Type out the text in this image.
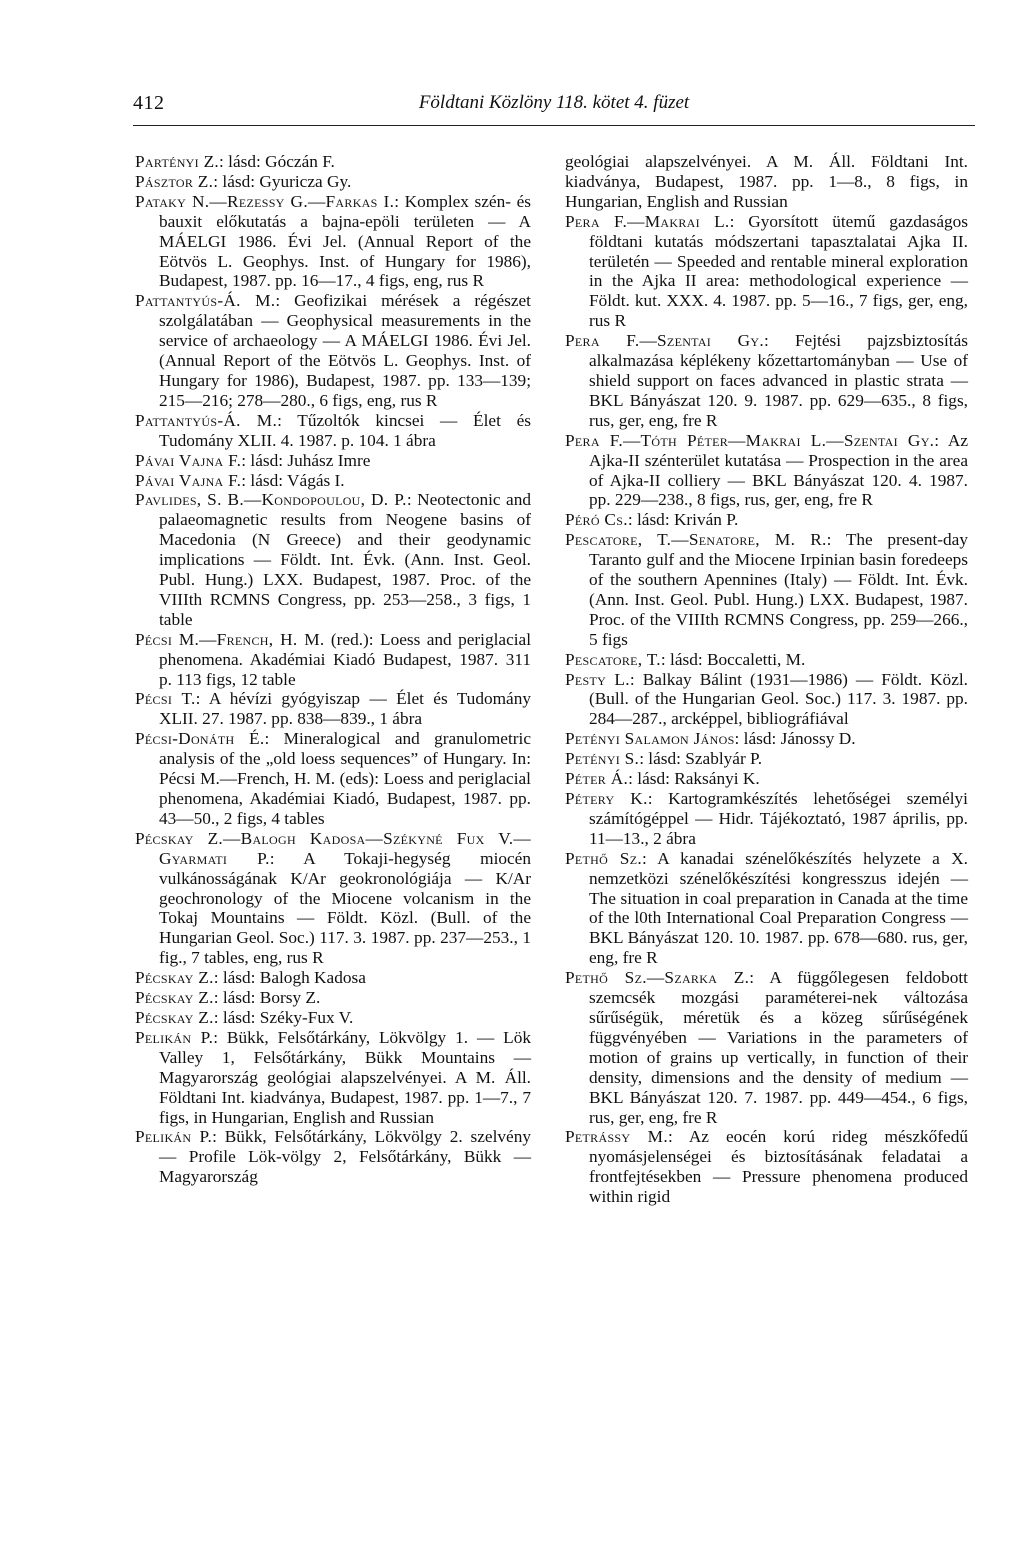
412	Földtani Közlöny 118. kötet 4. füzet

Partényi Z.: lásd: Góczán F.

Pásztor Z.: lásd: Gyuricza Gy.

Pataky N.—Rezessy G.—Farkas I.: Komplex szén- és bauxit előkutatás a bajna-epöli területen — A MÁELGI 1986. Évi Jel. (Annual Report of the Eötvös L. Geophys. Inst. of Hungary for 1986), Budapest, 1987. pp. 16—17., 4 figs, eng, rus R

Pattantyús-Á. M.: Geofizikai mérések a régészet szolgálatában — Geophysical measurements in the service of archaeology — A MÁELGI 1986. Évi Jel. (Annual Report of the Eötvös L. Geophys. Inst. of Hungary for 1986), Budapest, 1987. pp. 133—139; 215—216; 278—280., 6 figs, eng, rus R

Pattantyús-Á. M.: Tűzoltók kincsei — Élet és Tudomány XLII. 4. 1987. p. 104. 1 ábra

Pávai Vajna F.: lásd: Juhász Imre

Pávai Vajna F.: lásd: Vágás I.

Pavlides, S. B.—Kondopoulou, D. P.: Neotectonic and palaeomagnetic results from Neogene basins of Macedonia (N Greece) and their geodynamic implications — Földt. Int. Évk. (Ann. Inst. Geol. Publ. Hung.) LXX. Budapest, 1987. Proc. of the VIIIth RCMNS Congress, pp. 253—258., 3 figs, 1 table

Pécsi M.—French, H. M. (red.): Loess and periglacial phenomena. Akadémiai Kiadó Budapest, 1987. 311 p. 113 figs, 12 table

Pécsi T.: A hévízi gyógyiszap — Élet és Tudomány XLII. 27. 1987. pp. 838—839., 1 ábra

Pécsi-Donáth É.: Mineralogical and granulometric analysis of the „old loess sequences” of Hungary. In: Pécsi M.—French, H. M. (eds): Loess and periglacial phenomena, Akadémiai Kiadó, Budapest, 1987. pp. 43—50., 2 figs, 4 tables

Pécskay Z.—Balogh Kadosa—Székyné Fux V.—Gyarmati P.: A Tokaji-hegység miocén vulkánosságának K/Ar geokronológiája — K/Ar geochronology of the Miocene volcanism in the Tokaj Mountains — Földt. Közl. (Bull. of the Hungarian Geol. Soc.) 117. 3. 1987. pp. 237—253., 1 fig., 7 tables, eng, rus R

Pécskay Z.: lásd: Balogh Kadosa

Pécskay Z.: lásd: Borsy Z.

Pécskay Z.: lásd: Széky-Fux V.

Pelikán P.: Bükk, Felsőtárkány, Lökvölgy 1. — Lök Valley 1, Felsőtárkány, Bükk Mountains — Magyarország geológiai alapszelvényei. A M. Áll. Földtani Int. kiadványa, Budapest, 1987. pp. 1—7., 7 figs, in Hungarian, English and Russian

Pelikán P.: Bükk, Felsőtárkány, Lökvölgy 2. szelvény — Profile Lök-völgy 2, Felsőtárkány, Bükk — Magyarország

geológiai alapszelvényei. A M. Áll. Földtani Int. kiadványa, Budapest, 1987. pp. 1—8., 8 figs, in Hungarian, English and Russian

Pera F.—Makrai L.: Gyorsított ütemű gazdaságos földtani kutatás módszertani tapasztalatai Ajka II. területén — Speeded and rentable mineral exploration in the Ajka II area: methodological experience — Földt. kut. XXX. 4. 1987. pp. 5—16., 7 figs, ger, eng, rus R

Pera F.—Szentai Gy.: Fejtési pajzsbiztosítás alkalmazása képlékeny kőzettartományban — Use of shield support on faces advanced in plastic strata — BKL Bányászat 120. 9. 1987. pp. 629—635., 8 figs, rus, ger, eng, fre R

Pera F.—Tóth Péter—Makrai L.—Szentai Gy.: Az Ajka-II szénterület kutatása — Prospection in the area of Ajka-II colliery — BKL Bányászat 120. 4. 1987. pp. 229—238., 8 figs, rus, ger, eng, fre R

Péró Cs.: lásd: Kriván P.

Pescatore, T.—Senatore, M. R.: The present-day Taranto gulf and the Miocene Irpinian basin foredeeps of the southern Apennines (Italy) — Földt. Int. Évk. (Ann. Inst. Geol. Publ. Hung.) LXX. Budapest, 1987. Proc. of the VIIIth RCMNS Congress, pp. 259—266., 5 figs

Pescatore, T.: lásd: Boccaletti, M.

Pesty L.: Balkay Bálint (1931—1986) — Földt. Közl. (Bull. of the Hungarian Geol. Soc.) 117. 3. 1987. pp. 284—287., arcképpel, bibliográfiával

Petényi Salamon János: lásd: Jánossy D.

Petényi S.: lásd: Szablyár P.

Péter Á.: lásd: Raksányi K.

Pétery K.: Kartogramkészítés lehetőségei személyi számítógéppel — Hidr. Tájékoztató, 1987 április, pp. 11—13., 2 ábra

Pethő Sz.: A kanadai szénelőkészítés helyzete a X. nemzetközi szénelőkészítési kongresszus idején — The situation in coal preparation in Canada at the time of the l0th International Coal Preparation Congress — BKL Bányászat 120. 10. 1987. pp. 678—680. rus, ger, eng, fre R

Pethő Sz.—Szarka Z.: A függőlegesen feldobott szemcsék mozgási paraméterei-nek változása sűrűségük, méretük és a közeg sűrűségének függvényében — Variations in the parameters of motion of grains up vertically, in function of their density, dimensions and the density of medium — BKL Bányászat 120. 7. 1987. pp. 449—454., 6 figs, rus, ger, eng, fre R

Petrássy M.: Az eocén korú rideg mészkőfedű nyomásjelenségei és biztosításának feladatai a frontfejtésekben — Pressure phenomena produced within rigid
